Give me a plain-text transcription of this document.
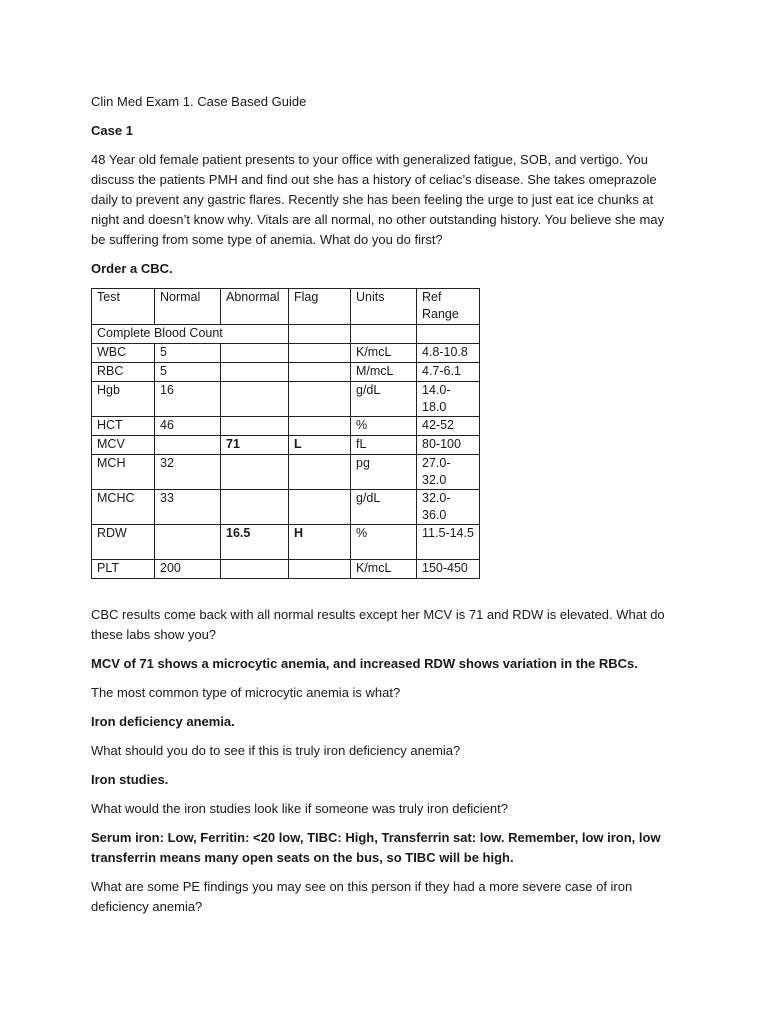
Clin Med Exam 1. Case Based Guide

Case 1

48 Year old female patient presents to your office with generalized fatigue, SOB, and vertigo. You discuss the patients PMH and find out she has a history of celiac’s disease. She takes omeprazole daily to prevent any gastric flares. Recently she has been feeling the urge to just eat ice chunks at night and doesn’t know why. Vitals are all normal, no other outstanding history. You believe she may be suffering from some type of anemia. What do you do first?

Order a CBC.

Test	Normal	Abnormal	Flag	Units	Ref Range
Complete Blood Count					
WBC	5			K/mcL	4.8-10.8
RBC	5			M/mcL	4.7-6.1
Hgb	16			g/dL	14.0-18.0
HCT	46			%	42-52
MCV		71	L	fL	80-100
MCH	32			pg	27.0-32.0
MCHC	33			g/dL	32.0-36.0
RDW		16.5	H	%	11.5-14.5
PLT	200			K/mcL	150-450

CBC results come back with all normal results except her MCV is 71 and RDW is elevated. What do these labs show you?

MCV of 71 shows a microcytic anemia, and increased RDW shows variation in the RBCs.

The most common type of microcytic anemia is what?

Iron deficiency anemia.

What should you do to see if this is truly iron deficiency anemia?

Iron studies.

What would the iron studies look like if someone was truly iron deficient?

Serum iron: Low, Ferritin: <20 low, TIBC: High, Transferrin sat: low. Remember, low iron, low transferrin means many open seats on the bus, so TIBC will be high.

What are some PE findings you may see on this person if they had a more severe case of iron deficiency anemia?
